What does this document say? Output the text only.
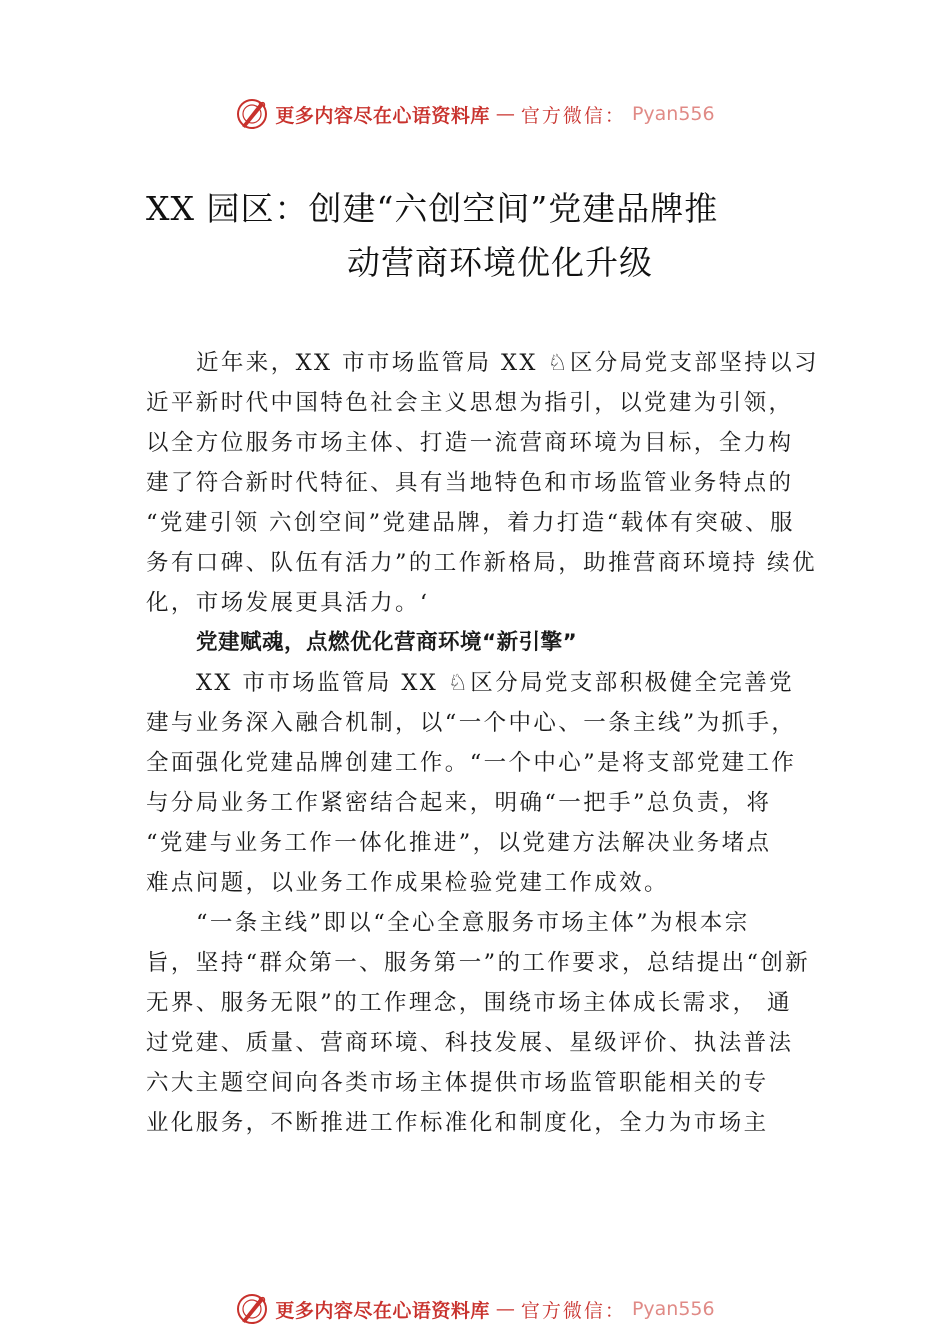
更多内容尽在心语资料库 — 官方微信： Pyan556
XX 园区：创建“六创空间”党建品牌推
动营商环境优化升级
近年来，XX 市市场监管局 XX ♘区分局党支部坚持以习
近平新时代中国特色社会主义思想为指引，以党建为引领，
以全方位服务市场主体、打造一流营商环境为目标，全力构
建了符合新时代特征、具有当地特色和市场监管业务特点的
“党建引领 六创空间”党建品牌，着力打造“载体有突破、服
务有口碑、队伍有活力”的工作新格局，助推营商环境持 续优
化，市场发展更具活力。‘
党建赋魂，点燃优化营商环境“新引擎”
XX 市市场监管局 XX ♘区分局党支部积极健全完善党
建与业务深入融合机制，以“一个中心、一条主线”为抓手，
全面强化党建品牌创建工作。“一个中心”是将支部党建工作
与分局业务工作紧密结合起来，明确“一把手”总负责，将
“党建与业务工作一体化推进”，以党建方法解决业务堵点
难点问题，以业务工作成果检验党建工作成效。
“一条主线”即以“全心全意服务市场主体”为根本宗
旨，坚持“群众第一、服务第一”的工作要求，总结提出“创新
无界、服务无限”的工作理念，围绕市场主体成长需求， 通
过党建、质量、营商环境、科技发展、星级评价、执法普法
六大主题空间向各类市场主体提供市场监管职能相关的专
业化服务，不断推进工作标准化和制度化，全力为市场主
更多内容尽在心语资料库 — 官方微信： Pyan556
